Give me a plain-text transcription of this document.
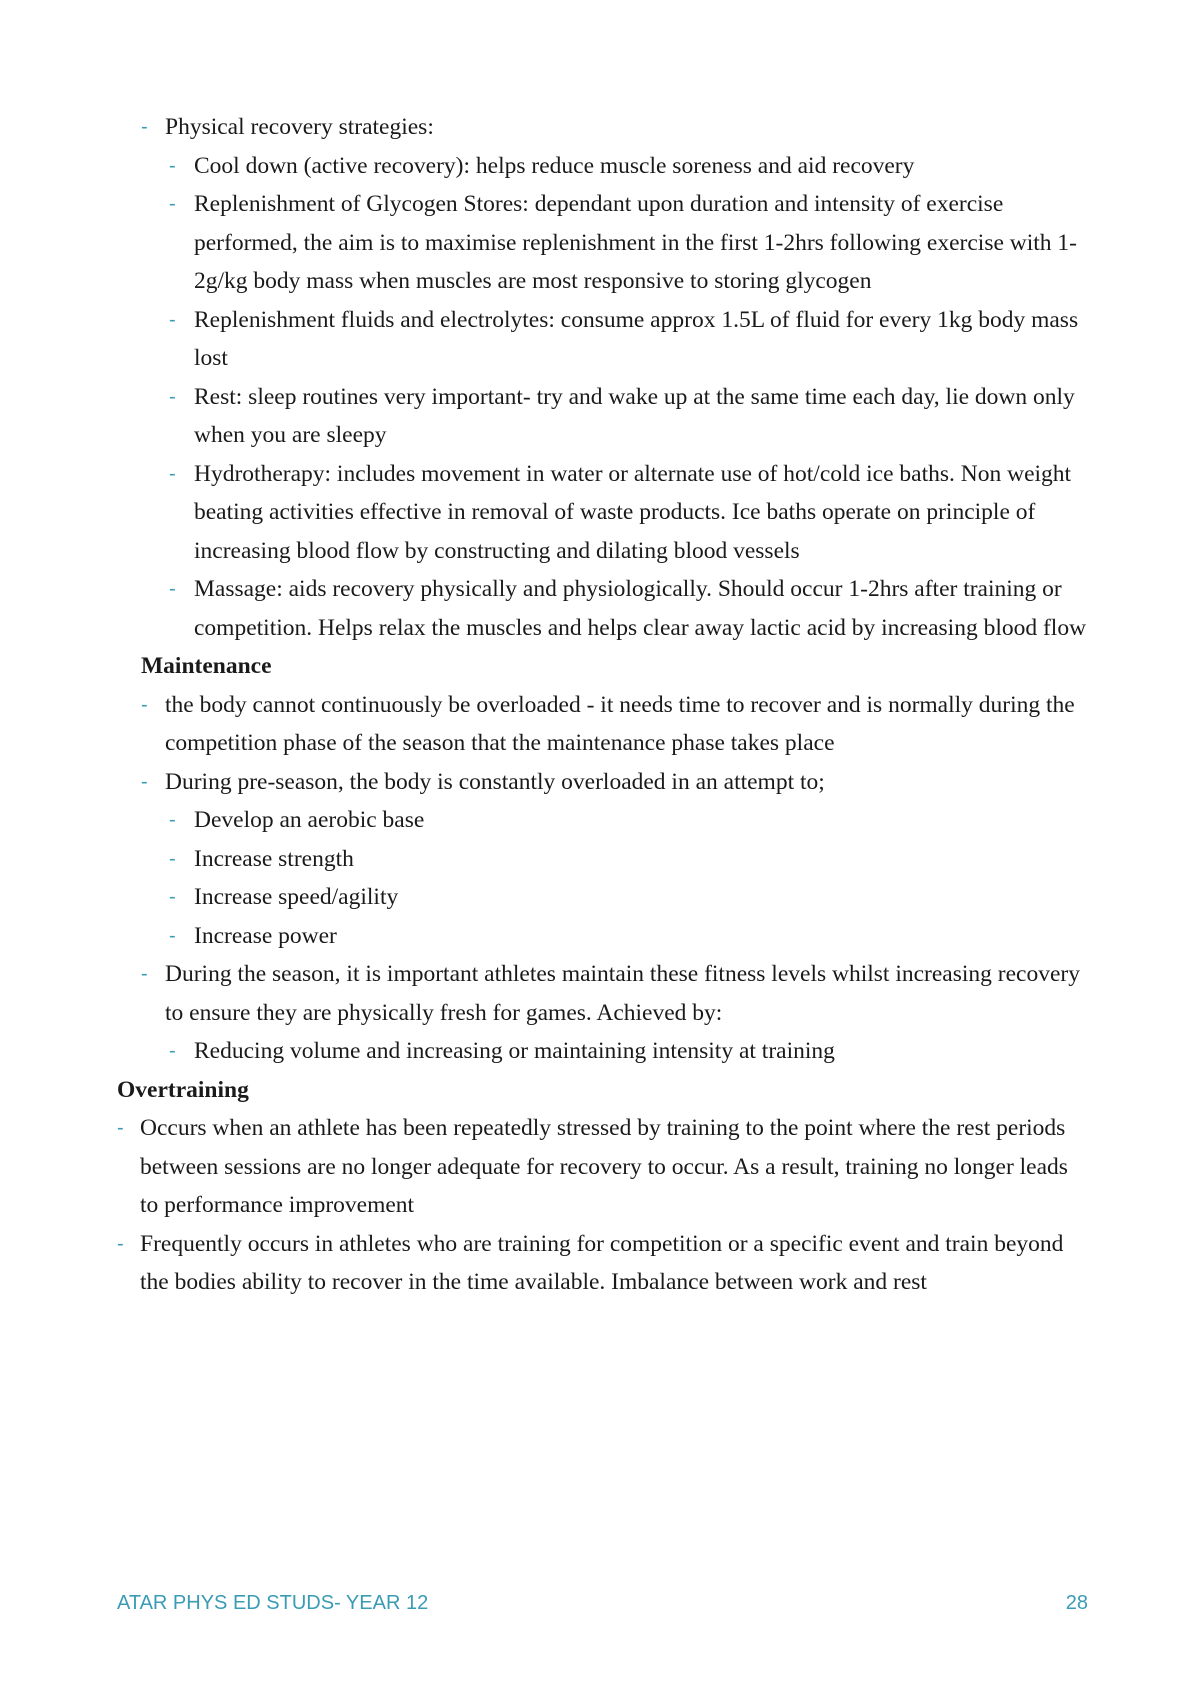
- Physical recovery strategies:

- Cool down (active recovery): helps reduce muscle soreness and aid recovery

- Replenishment of Glycogen Stores: dependant upon duration and intensity of exercise performed, the aim is to maximise replenishment in the first 1-2hrs following exercise with 1-2g/kg body mass when muscles are most responsive to storing glycogen

- Replenishment fluids and electrolytes: consume approx 1.5L of fluid for every 1kg body mass lost

- Rest: sleep routines very important- try and wake up at the same time each day, lie down only when you are sleepy

- Hydrotherapy: includes movement in water or alternate use of hot/cold ice baths. Non weight beating activities effective in removal of waste products. Ice baths operate on principle of increasing blood flow by constructing and dilating blood vessels

- Massage: aids recovery physically and physiologically. Should occur 1-2hrs after training or competition. Helps relax the muscles and helps clear away lactic acid by increasing blood flow

Maintenance

- the body cannot continuously be overloaded - it needs time to recover and is normally during the competition phase of the season that the maintenance phase takes place

- During pre-season, the body is constantly overloaded in an attempt to;

- Develop an aerobic base

- Increase strength

- Increase speed/agility

- Increase power

- During the season, it is important athletes maintain these fitness levels whilst increasing recovery to ensure they are physically fresh for games. Achieved by:

- Reducing volume and increasing or maintaining intensity at training

Overtraining

- Occurs when an athlete has been repeatedly stressed by training to the point where the rest periods between sessions are no longer adequate for recovery to occur. As a result, training no longer leads to performance improvement

- Frequently occurs in athletes who are training for competition or a specific event and train beyond the bodies ability to recover in the time available. Imbalance between work and rest

ATAR PHYS ED STUDS- YEAR 12	28
